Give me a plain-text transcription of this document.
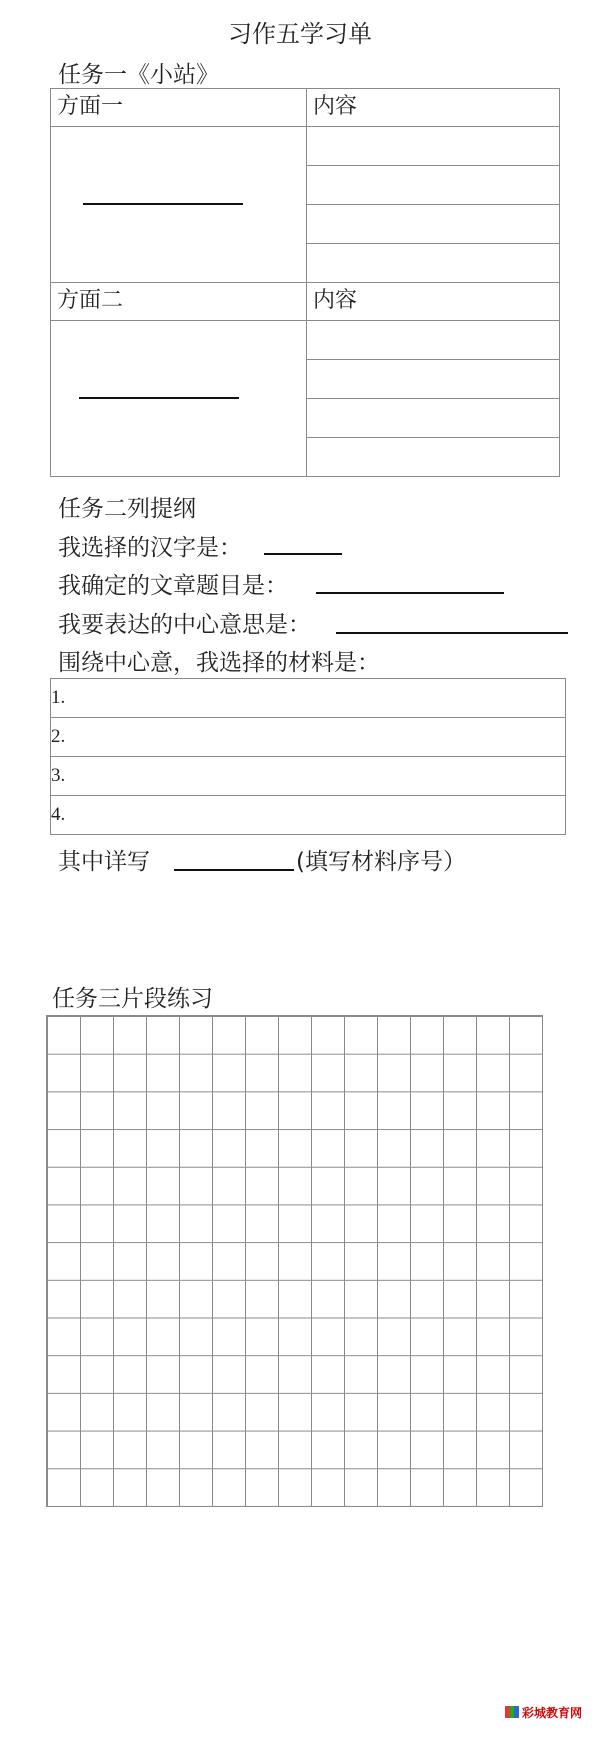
习作五学习单
任务一《小站》
方面一	内容

方面二	内容

任务二列提纲
我选择的汉字是：
我确定的文章题目是：
我要表达的中心意思是：
围绕中心意，我选择的材料是：
1.
2.
3.
4.
其中详写	(填写材料序号）
任务三片段练习
彩城教育网
